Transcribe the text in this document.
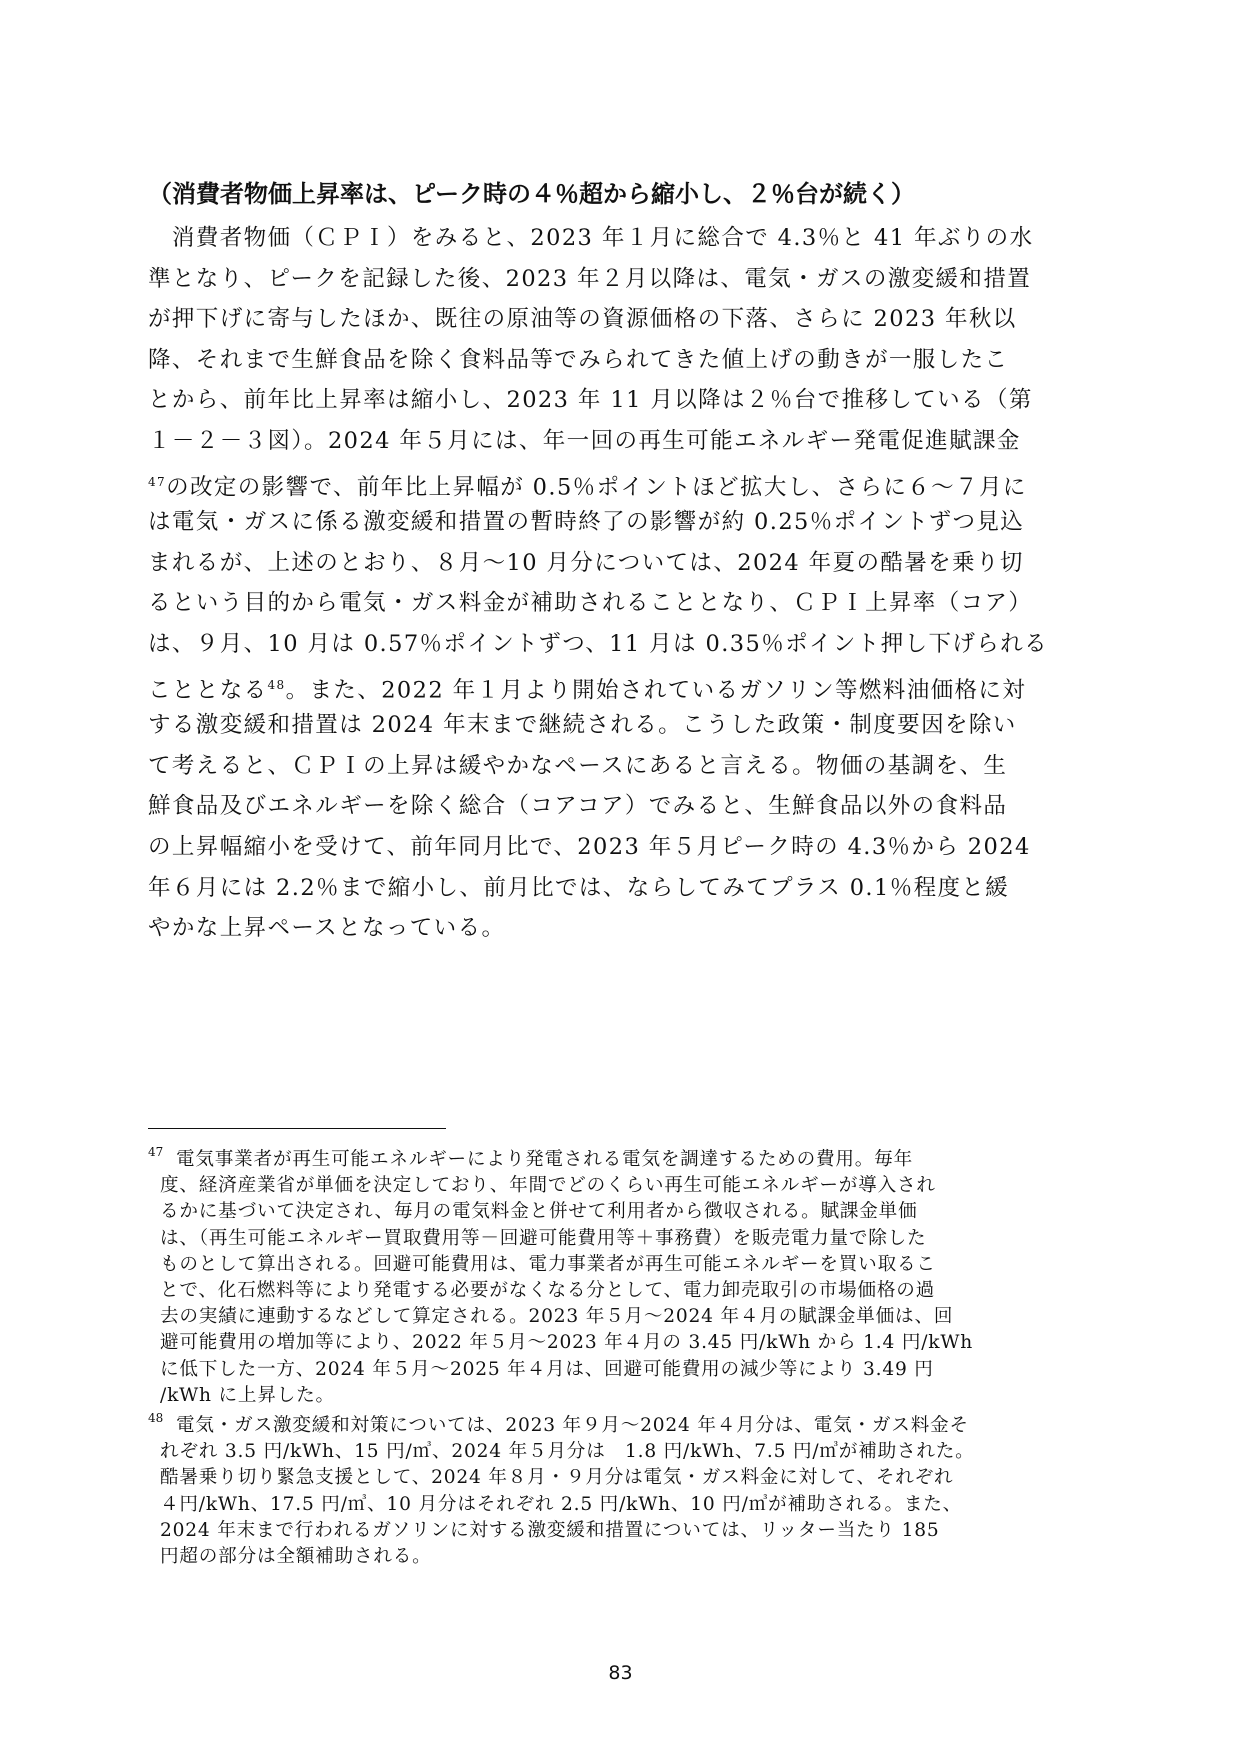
（消費者物価上昇率は、ピーク時の４％超から縮小し、２％台が続く）
　消費者物価（ＣＰＩ）をみると、2023 年１月に総合で 4.3％と 41 年ぶりの水
準となり、ピークを記録した後、2023 年２月以降は、電気・ガスの激変緩和措置
が押下げに寄与したほか、既往の原油等の資源価格の下落、さらに 2023 年秋以
降、それまで生鮮食品を除く食料品等でみられてきた値上げの動きが一服したこ
とから、前年比上昇率は縮小し、2023 年 11 月以降は２％台で推移している（第
１－２－３図）。2024 年５月には、年一回の再生可能エネルギー発電促進賦課金
$^{47}$の改定の影響で、前年比上昇幅が 0.5％ポイントほど拡大し、さらに６～７月に
は電気・ガスに係る激変緩和措置の暫時終了の影響が約 0.25％ポイントずつ見込
まれるが、上述のとおり、８月～10 月分については、2024 年夏の酷暑を乗り切
るという目的から電気・ガス料金が補助されることとなり、ＣＰＩ上昇率（コア）
は、９月、10 月は 0.57％ポイントずつ、11 月は 0.35％ポイント押し下げられる
こととなる$^{48}$。また、2022 年１月より開始されているガソリン等燃料油価格に対
する激変緩和措置は 2024 年末まで継続される。こうした政策・制度要因を除い
て考えると、ＣＰＩの上昇は緩やかなペースにあると言える。物価の基調を、生
鮮食品及びエネルギーを除く総合（コアコア）でみると、生鮮食品以外の食料品
の上昇幅縮小を受けて、前年同月比で、2023 年５月ピーク時の 4.3％から 2024
年６月には 2.2％まで縮小し、前月比では、ならしてみてプラス 0.1％程度と緩
やかな上昇ペースとなっている。
47 電気事業者が再生可能エネルギーにより発電される電気を調達するための費用。毎年
度、経済産業省が単価を決定しており、年間でどのくらい再生可能エネルギーが導入され
るかに基づいて決定され、毎月の電気料金と併せて利用者から徴収される。賦課金単価
は、（再生可能エネルギー買取費用等－回避可能費用等＋事務費）を販売電力量で除した
ものとして算出される。回避可能費用は、電力事業者が再生可能エネルギーを買い取るこ
とで、化石燃料等により発電する必要がなくなる分として、電力卸売取引の市場価格の過
去の実績に連動するなどして算定される。2023 年５月～2024 年４月の賦課金単価は、回
避可能費用の増加等により、2022 年５月～2023 年４月の 3.45 円/kWh から 1.4 円/kWh
に低下した一方、2024 年５月～2025 年４月は、回避可能費用の減少等により 3.49 円
/kWh に上昇した。
48 電気・ガス激変緩和対策については、2023 年９月～2024 年４月分は、電気・ガス料金そ
れぞれ 3.5 円/kWh、15 円/㎥、2024 年５月分は　1.8 円/kWh、7.5 円/㎥が補助された。
酷暑乗り切り緊急支援として、2024 年８月・９月分は電気・ガス料金に対して、それぞれ
４円/kWh、17.5 円/㎥、10 月分はそれぞれ 2.5 円/kWh、10 円/㎥が補助される。また、
2024 年末まで行われるガソリンに対する激変緩和措置については、リッター当たり 185
円超の部分は全額補助される。
83
